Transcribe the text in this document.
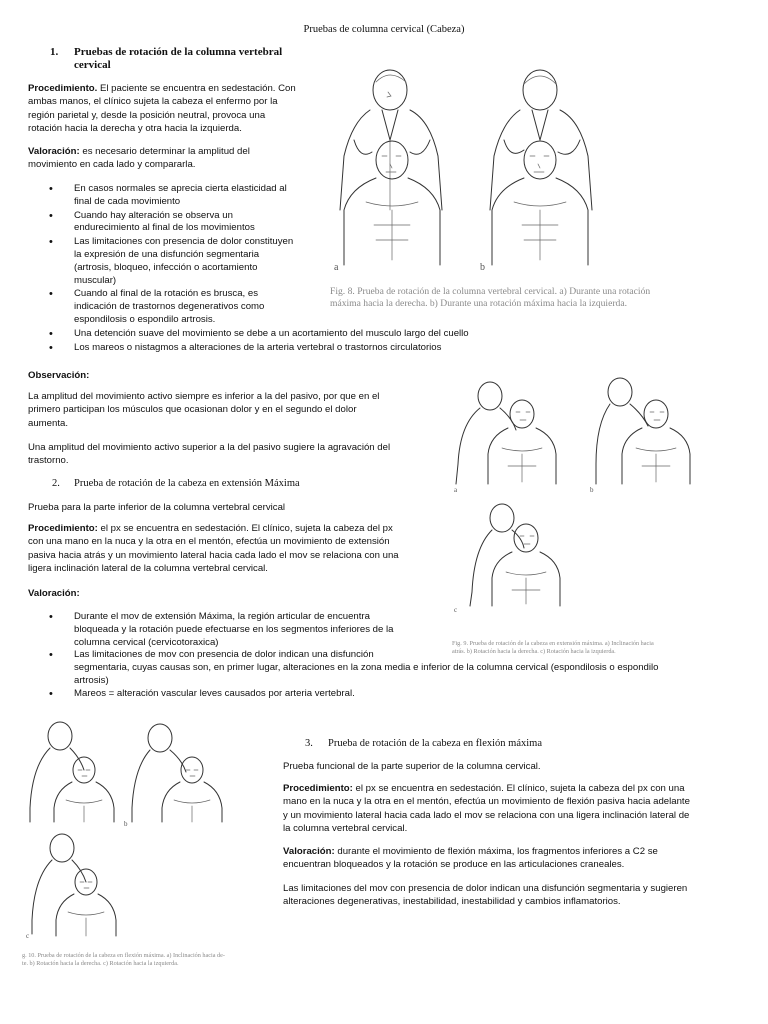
Pruebas de columna cervical (Cabeza)
1. Pruebas de rotación de la columna vertebral
cervical

Procedimiento. El paciente se encuentra en sedestación. Con
ambas manos, el clínico sujeta la cabeza el enfermo por la
región parietal y, desde la posición neutral, provoca una
rotación hacia la derecha y otra hacia la izquierda.

Valoración: es necesario determinar la amplitud del
movimiento en cada lado y compararla.

• En casos normales se aprecia cierta elasticidad al
final de cada movimiento
• Cuando hay alteración se observa un
endurecimiento al final de los movimientos
• Las limitaciones con presencia de dolor constituyen
la expresión de una disfunción segmentaria
(artrosis, bloqueo, infección o acortamiento
muscular)
• Cuando al final de la rotación es brusca, es
indicación de trastornos degenerativos como
espondilosis o espondilo artrosis.
• Una detención suave del movimiento se debe a un acortamiento del musculo largo del cuello
• Los mareos o nistagmos a alteraciones de la arteria vertebral o trastornos circulatorios
a	b
Fig. 8. Prueba de rotación de la columna vertebral cervical. a) Durante una rotación
máxima hacia la derecha. b) Durante una rotación máxima hacia la izquierda.
Observación:

La amplitud del movimiento activo siempre es inferior a la del pasivo, por que en el
primero participan los músculos que ocasionan dolor y en el segundo el dolor
aumenta.

Una amplitud del movimiento activo superior a la del pasivo sugiere la agravación del
trastorno.

2. Prueba de rotación de la cabeza en extensión Máxima
Prueba para la parte inferior de la columna vertebral cervical

Procedimiento: el px se encuentra en sedestación. El clínico, sujeta la cabeza del px
con una mano en la nuca y la otra en el mentón, efectúa un movimiento de extensión
pasiva hacia atrás y un movimiento lateral hacia cada lado el mov se relaciona con una
ligera inclinación lateral de la columna vertebral cervical.

Valoración:
• Durante el mov de extensión Máxima, la región articular de encuentra
bloqueada y la rotación puede efectuarse en los segmentos inferiores de la
columna cervical (cervicotoraxica)
• Las limitaciones de mov con presencia de dolor indican una disfunción
segmentaria, cuyas causas son, en primer lugar, alteraciones en la zona media e inferior de la columna cervical (espondilosis o espondilo
artrosis)
• Mareos = alteración vascular leves causados por arteria vertebral.
a	b
c
Fig. 9. Prueba de rotación de la cabeza en extensión máxima. a) Inclinación hacia
atrás. b) Rotación hacia la derecha. c) Rotación hacia la izquierda.
b
c
g. 10. Prueba de rotación de la cabeza en flexión máxima. a) Inclinación hacia de-
te. b) Rotación hacia la derecha. c) Rotación hacia la izquierda.
3. Prueba de rotación de la cabeza en flexión máxima
Prueba funcional de la parte superior de la columna cervical.

Procedimiento: el px se encuentra en sedestación. El clínico, sujeta la cabeza del px con una
mano en la nuca y la otra en el mentón, efectúa un movimiento de flexión pasiva hacia adelante
y un movimiento lateral hacia cada lado el mov se relaciona con una ligera inclinación lateral de
la columna vertebral cervical.

Valoración: durante el movimiento de flexión máxima, los fragmentos inferiores a C2 se
encuentran bloqueados y la rotación se produce en las articulaciones craneales.

Las limitaciones del mov con presencia de dolor indican una disfunción segmentaria y sugieren
alteraciones degenerativas, inestabilidad, inestabilidad y cambios inflamatorios.
